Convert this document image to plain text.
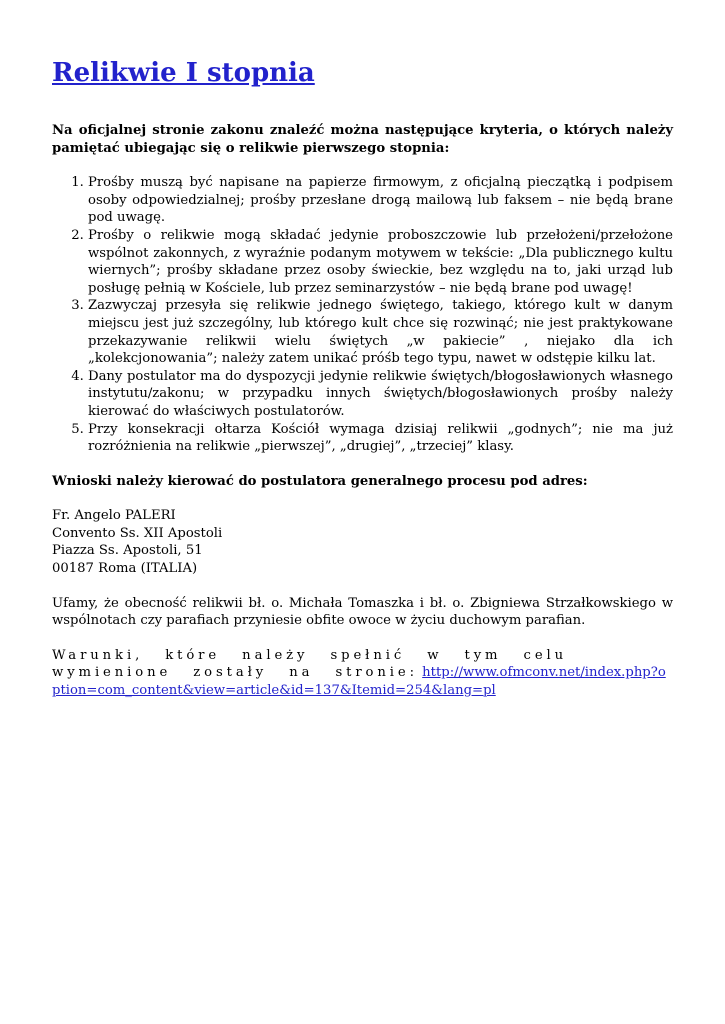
Relikwie I stopnia

Na oficjalnej stronie zakonu znaleźć można następujące kryteria, o których należy pamiętać ubiegając się o relikwie pierwszego stopnia:

1. Prośby muszą być napisane na papierze firmowym, z oficjalną pieczątką i podpisem osoby odpowiedzialnej; prośby przesłane drogą mailową lub faksem – nie będą brane pod uwagę.
2. Prośby o relikwie mogą składać jedynie proboszczowie lub przełożeni/przełożone wspólnot zakonnych, z wyraźnie podanym motywem w tekście: „Dla publicznego kultu wiernych”; prośby składane przez osoby świeckie, bez względu na to, jaki urząd lub posługę pełnią w Kościele, lub przez seminarzystów – nie będą brane pod uwagę!
3. Zazwyczaj przesyła się relikwie jednego świętego, takiego, którego kult w danym miejscu jest już szczególny, lub którego kult chce się rozwinąć; nie jest praktykowane przekazywanie relikwii wielu świętych „w pakiecie” , niejako dla ich „kolekcjonowania”; należy zatem unikać próśb tego typu, nawet w odstępie kilku lat.
4. Dany postulator ma do dyspozycji jedynie relikwie świętych/błogosławionych własnego instytutu/zakonu; w przypadku innych świętych/błogosławionych prośby należy kierować do właściwych postulatorów.
5. Przy konsekracji ołtarza Kościół wymaga dzisiaj relikwii „godnych”; nie ma już rozróżnienia na relikwie „pierwszej”, „drugiej”, „trzeciej” klasy.

Wnioski należy kierować do postulatora generalnego procesu pod adres:

Fr. Angelo PALERI
Convento Ss. XII Apostoli
Piazza Ss. Apostoli, 51
00187 Roma (ITALIA)

Ufamy, że obecność relikwii bł. o. Michała Tomaszka i bł. o. Zbigniewa Strzałkowskiego w wspólnotach czy parafiach przyniesie obfite owoce w życiu duchowym parafian.

Warunki, które należy spełnić w tym celu wymienione zostały na stronie: http://www.ofmconv.net/index.php?option=com_content&view=article&id=137&Itemid=254&lang=pl
